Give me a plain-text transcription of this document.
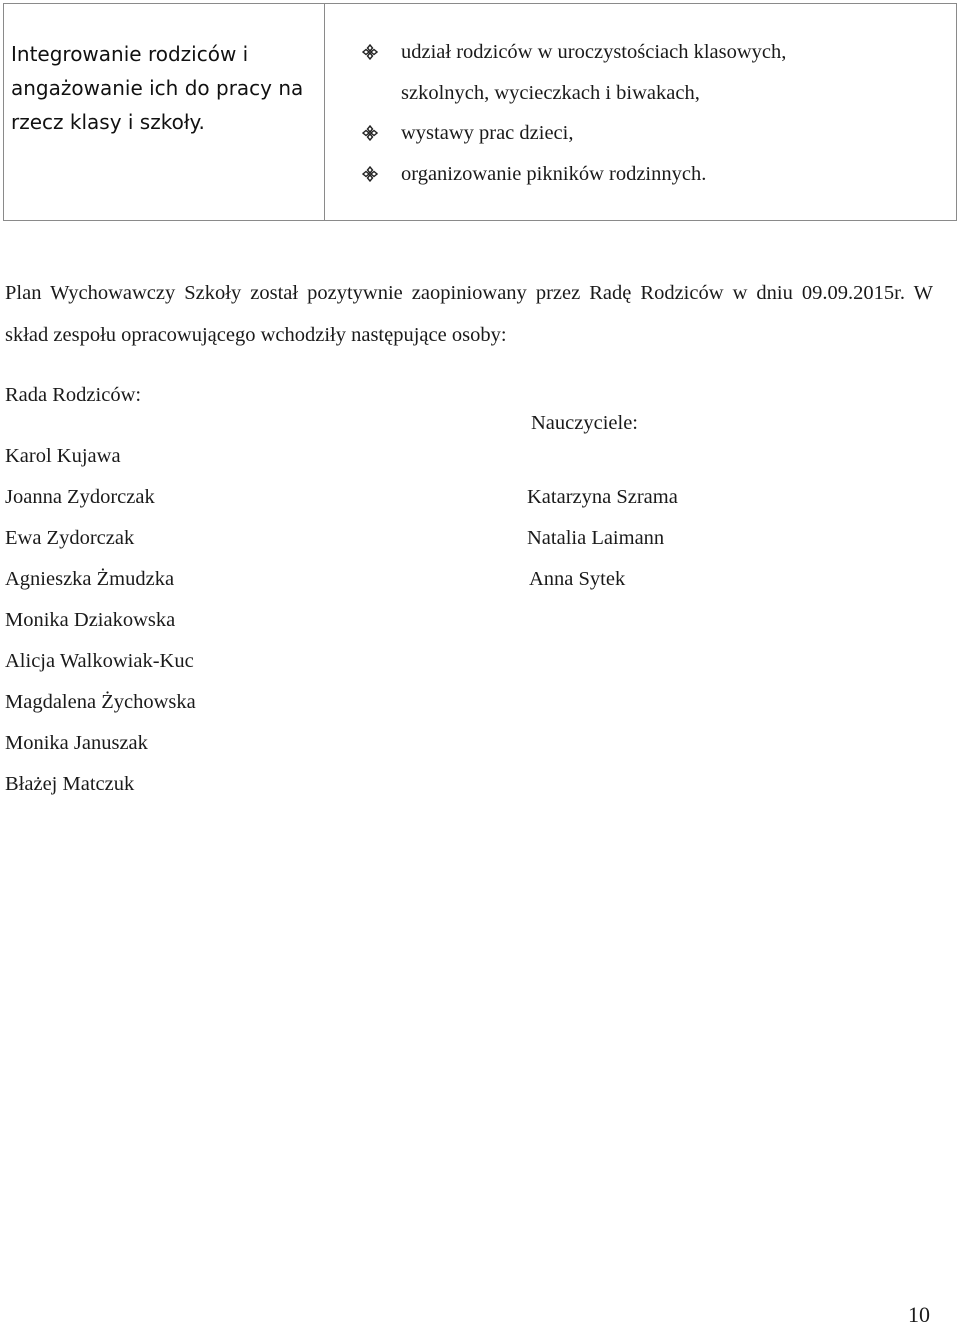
Integrowanie rodziców i
angażowanie ich do pracy na
rzecz klasy i szkoły.

udział rodziców w uroczystościach klasowych,
szkolnych, wycieczkach i biwakach,
wystawy prac dzieci,
organizowanie pikników rodzinnych.

Plan Wychowawczy Szkoły został pozytywnie zaopiniowany przez Radę Rodziców w dniu 09.09.2015r. W skład zespołu opracowującego wchodziły następujące osoby:

Rada Rodziców:

Karol Kujawa
Joanna Zydorczak
Ewa Zydorczak
Agnieszka Żmudzka
Monika Dziakowska
Alicja Walkowiak-Kuc
Magdalena Żychowska
Monika Januszak
Błażej Matczuk

Nauczyciele:

Katarzyna Szrama
Natalia Laimann
Anna Sytek

10
